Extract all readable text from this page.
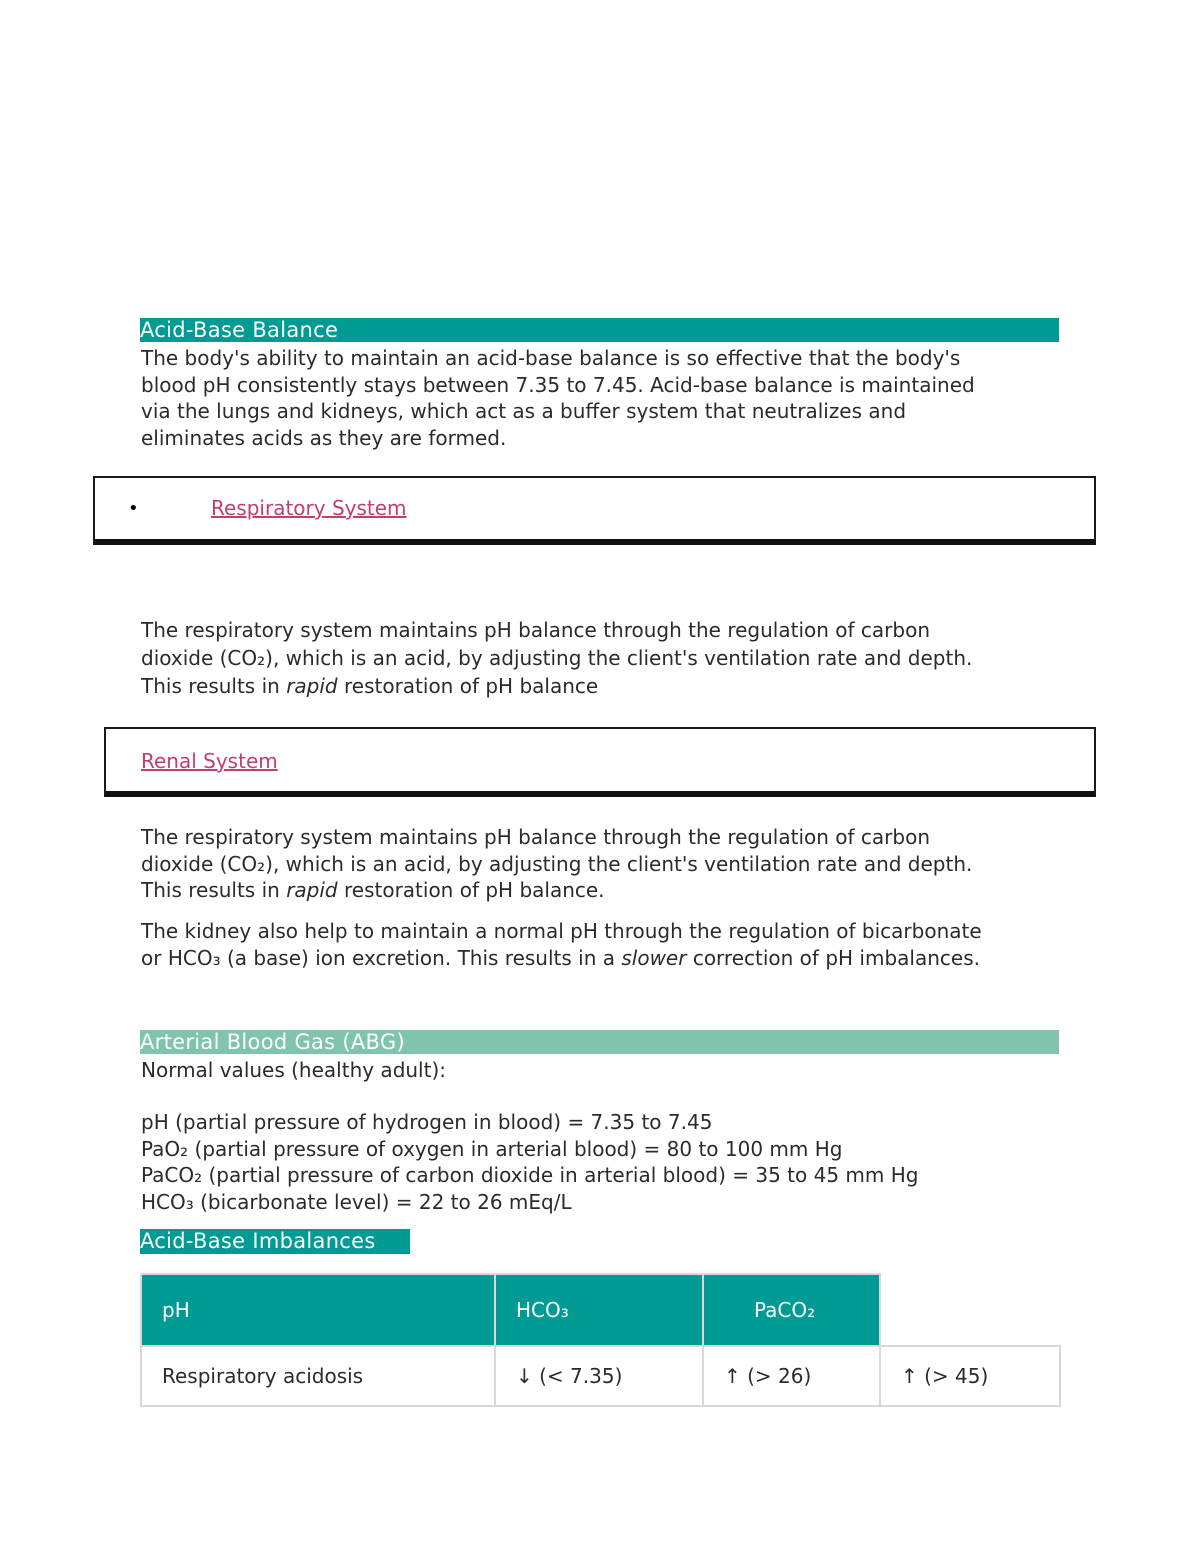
Acid-Base Balance

The body's ability to maintain an acid-base balance is so effective that the body's

blood pH consistently stays between 7.35 to 7.45. Acid-base balance is maintained

via the lungs and kidneys, which act as a buffer system that neutralizes and

eliminates acids as they are formed.

•	Respiratory System

The respiratory system maintains pH balance through the regulation of carbon

dioxide (CO₂), which is an acid, by adjusting the client's ventilation rate and depth.

This results in rapid restoration of pH balance

Renal System

The respiratory system maintains pH balance through the regulation of carbon

dioxide (CO₂), which is an acid, by adjusting the client's ventilation rate and depth.

This results in rapid restoration of pH balance.

The kidney also help to maintain a normal pH through the regulation of bicarbonate

or HCO₃ (a base) ion excretion. This results in a slower correction of pH imbalances.

Arterial Blood Gas (ABG)

Normal values (healthy adult):

pH (partial pressure of hydrogen in blood) = 7.35 to 7.45

PaO₂ (partial pressure of oxygen in arterial blood) = 80 to 100 mm Hg

PaCO₂ (partial pressure of carbon dioxide in arterial blood) = 35 to 45 mm Hg

HCO₃ (bicarbonate level) = 22 to 26 mEq/L

Acid-Base Imbalances
pH	HCO₃	PaCO₂	
Respiratory acidosis	↓ (< 7.35)	↑ (> 26)	↑ (> 45)
